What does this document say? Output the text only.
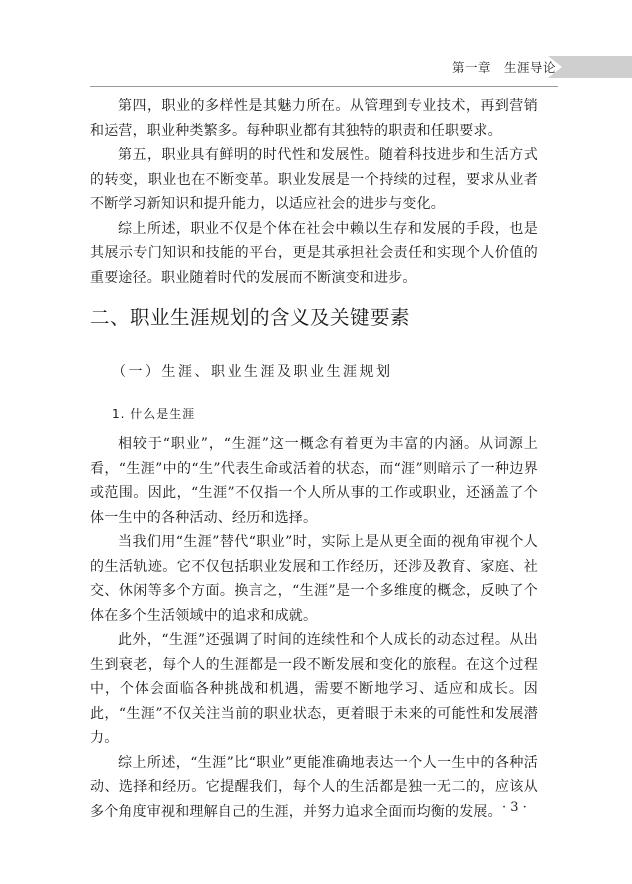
第一章　生涯导论

第四，职业的多样性是其魅力所在。从管理到专业技术，再到营销和运营，职业种类繁多。每种职业都有其独特的职责和任职要求。

第五，职业具有鲜明的时代性和发展性。随着科技进步和生活方式的转变，职业也在不断变革。职业发展是一个持续的过程，要求从业者不断学习新知识和提升能力，以适应社会的进步与变化。

综上所述，职业不仅是个体在社会中赖以生存和发展的手段，也是其展示专门知识和技能的平台，更是其承担社会责任和实现个人价值的重要途径。职业随着时代的发展而不断演变和进步。

二、职业生涯规划的含义及关键要素
（一）生涯、职业生涯及职业生涯规划
1. 什么是生涯

相较于“职业”，“生涯”这一概念有着更为丰富的内涵。从词源上看，“生涯”中的“生”代表生命或活着的状态，而“涯”则暗示了一种边界或范围。因此，“生涯”不仅指一个人所从事的工作或职业，还涵盖了个体一生中的各种活动、经历和选择。

当我们用“生涯”替代“职业”时，实际上是从更全面的视角审视个人的生活轨迹。它不仅包括职业发展和工作经历，还涉及教育、家庭、社交、休闲等多个方面。换言之，“生涯”是一个多维度的概念，反映了个体在多个生活领域中的追求和成就。

此外，“生涯”还强调了时间的连续性和个人成长的动态过程。从出生到衰老，每个人的生涯都是一段不断发展和变化的旅程。在这个过程中，个体会面临各种挑战和机遇，需要不断地学习、适应和成长。因此，“生涯”不仅关注当前的职业状态，更着眼于未来的可能性和发展潜力。

综上所述，“生涯”比“职业”更能准确地表达一个人一生中的各种活动、选择和经历。它提醒我们，每个人的生活都是独一无二的，应该从多个角度审视和理解自己的生涯，并努力追求全面而均衡的发展。 · 3 ·
